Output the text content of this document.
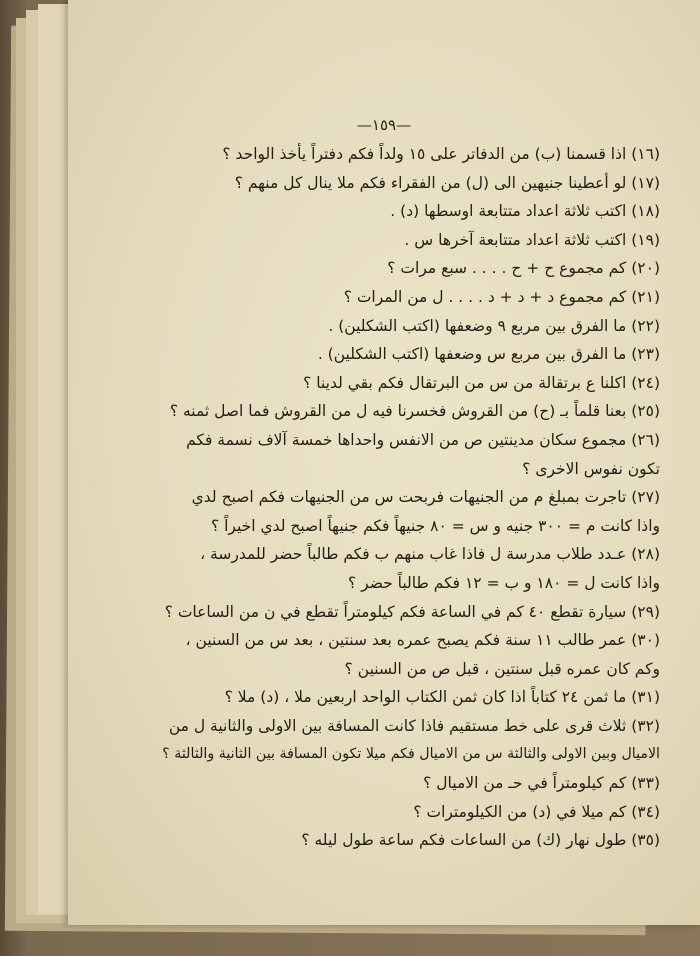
—١٥٩—
(١٦) اذا قسمنا (ب) من الدفاتر على ١٥ ولداً فكم دفتراً يأخذ الواحد ؟
(١٧) لو أعطينا جنيهين الى (ل) من الفقراء فكم ملا ينال كل منهم ؟
(١٨) اكتب ثلاثة اعداد متتابعة اوسطها (د) .
(١٩) اكتب ثلاثة اعداد متتابعة آخرها س .
(٢٠) كم مجموع ح + ح . . . . سبع مرات ؟
(٢١) كم مجموع د + د + د . . . . ل من المرات ؟
(٢٢) ما الفرق بين مربع ٩ وضعفها (اكتب الشكلين) .
(٢٣) ما الفرق بين مربع س وضعفها (اكتب الشكلين) .
(٢٤) اكلنا ع برتقالة من س من البرتقال فكم بقي لدينا ؟
(٢٥) بعنا قلماً بـ (ح) من القروش فخسرنا فيه ل من القروش فما اصل ثمنه ؟
(٢٦) مجموع سكان مدينتين ص من الانفس واحداها خمسة آلاف نسمة فكم
تكون نفوس الاخرى ؟
(٢٧) تاجرت بمبلغ م من الجنيهات فربحت س من الجنيهات فكم اصبح لدي
واذا كانت م = ٣٠٠ جنيه و س = ٨٠ جنيهاً فكم جنيهاً اصبح لدي اخيراً ؟
(٢٨) عـدد طلاب مدرسة ل فاذا غاب منهم ب فكم طالباً حضر للمدرسة ،
واذا كانت ل = ١٨٠ و ب = ١٢ فكم طالباً حضر ؟
(٢٩) سيارة تقطع ٤٠ كم في الساعة فكم كيلومتراً تقطع في ن من الساعات ؟
(٣٠) عمر طالب ١١ سنة فكم يصبح عمره بعد سنتين ، بعد س من السنين ،
وكم كان عمره قبل سنتين ، قبل ص من السنين ؟
(٣١) ما ثمن ٢٤ كتاباً اذا كان ثمن الكتاب الواحد اربعين ملا ، (د) ملا ؟
(٣٢) ثلاث قرى على خط مستقيم فاذا كانت المسافة بين الاولى والثانية ل من
الاميال وبين الاولى والثالثة س من الاميال فكم ميلا تكون المسافة بين الثانية والثالثة ؟
(٣٣) كم كيلومتراً في حـ من الاميال ؟
(٣٤) كم ميلا في (د) من الكيلومترات ؟
(٣٥) طول نهار (ك) من الساعات فكم ساعة طول ليله ؟
